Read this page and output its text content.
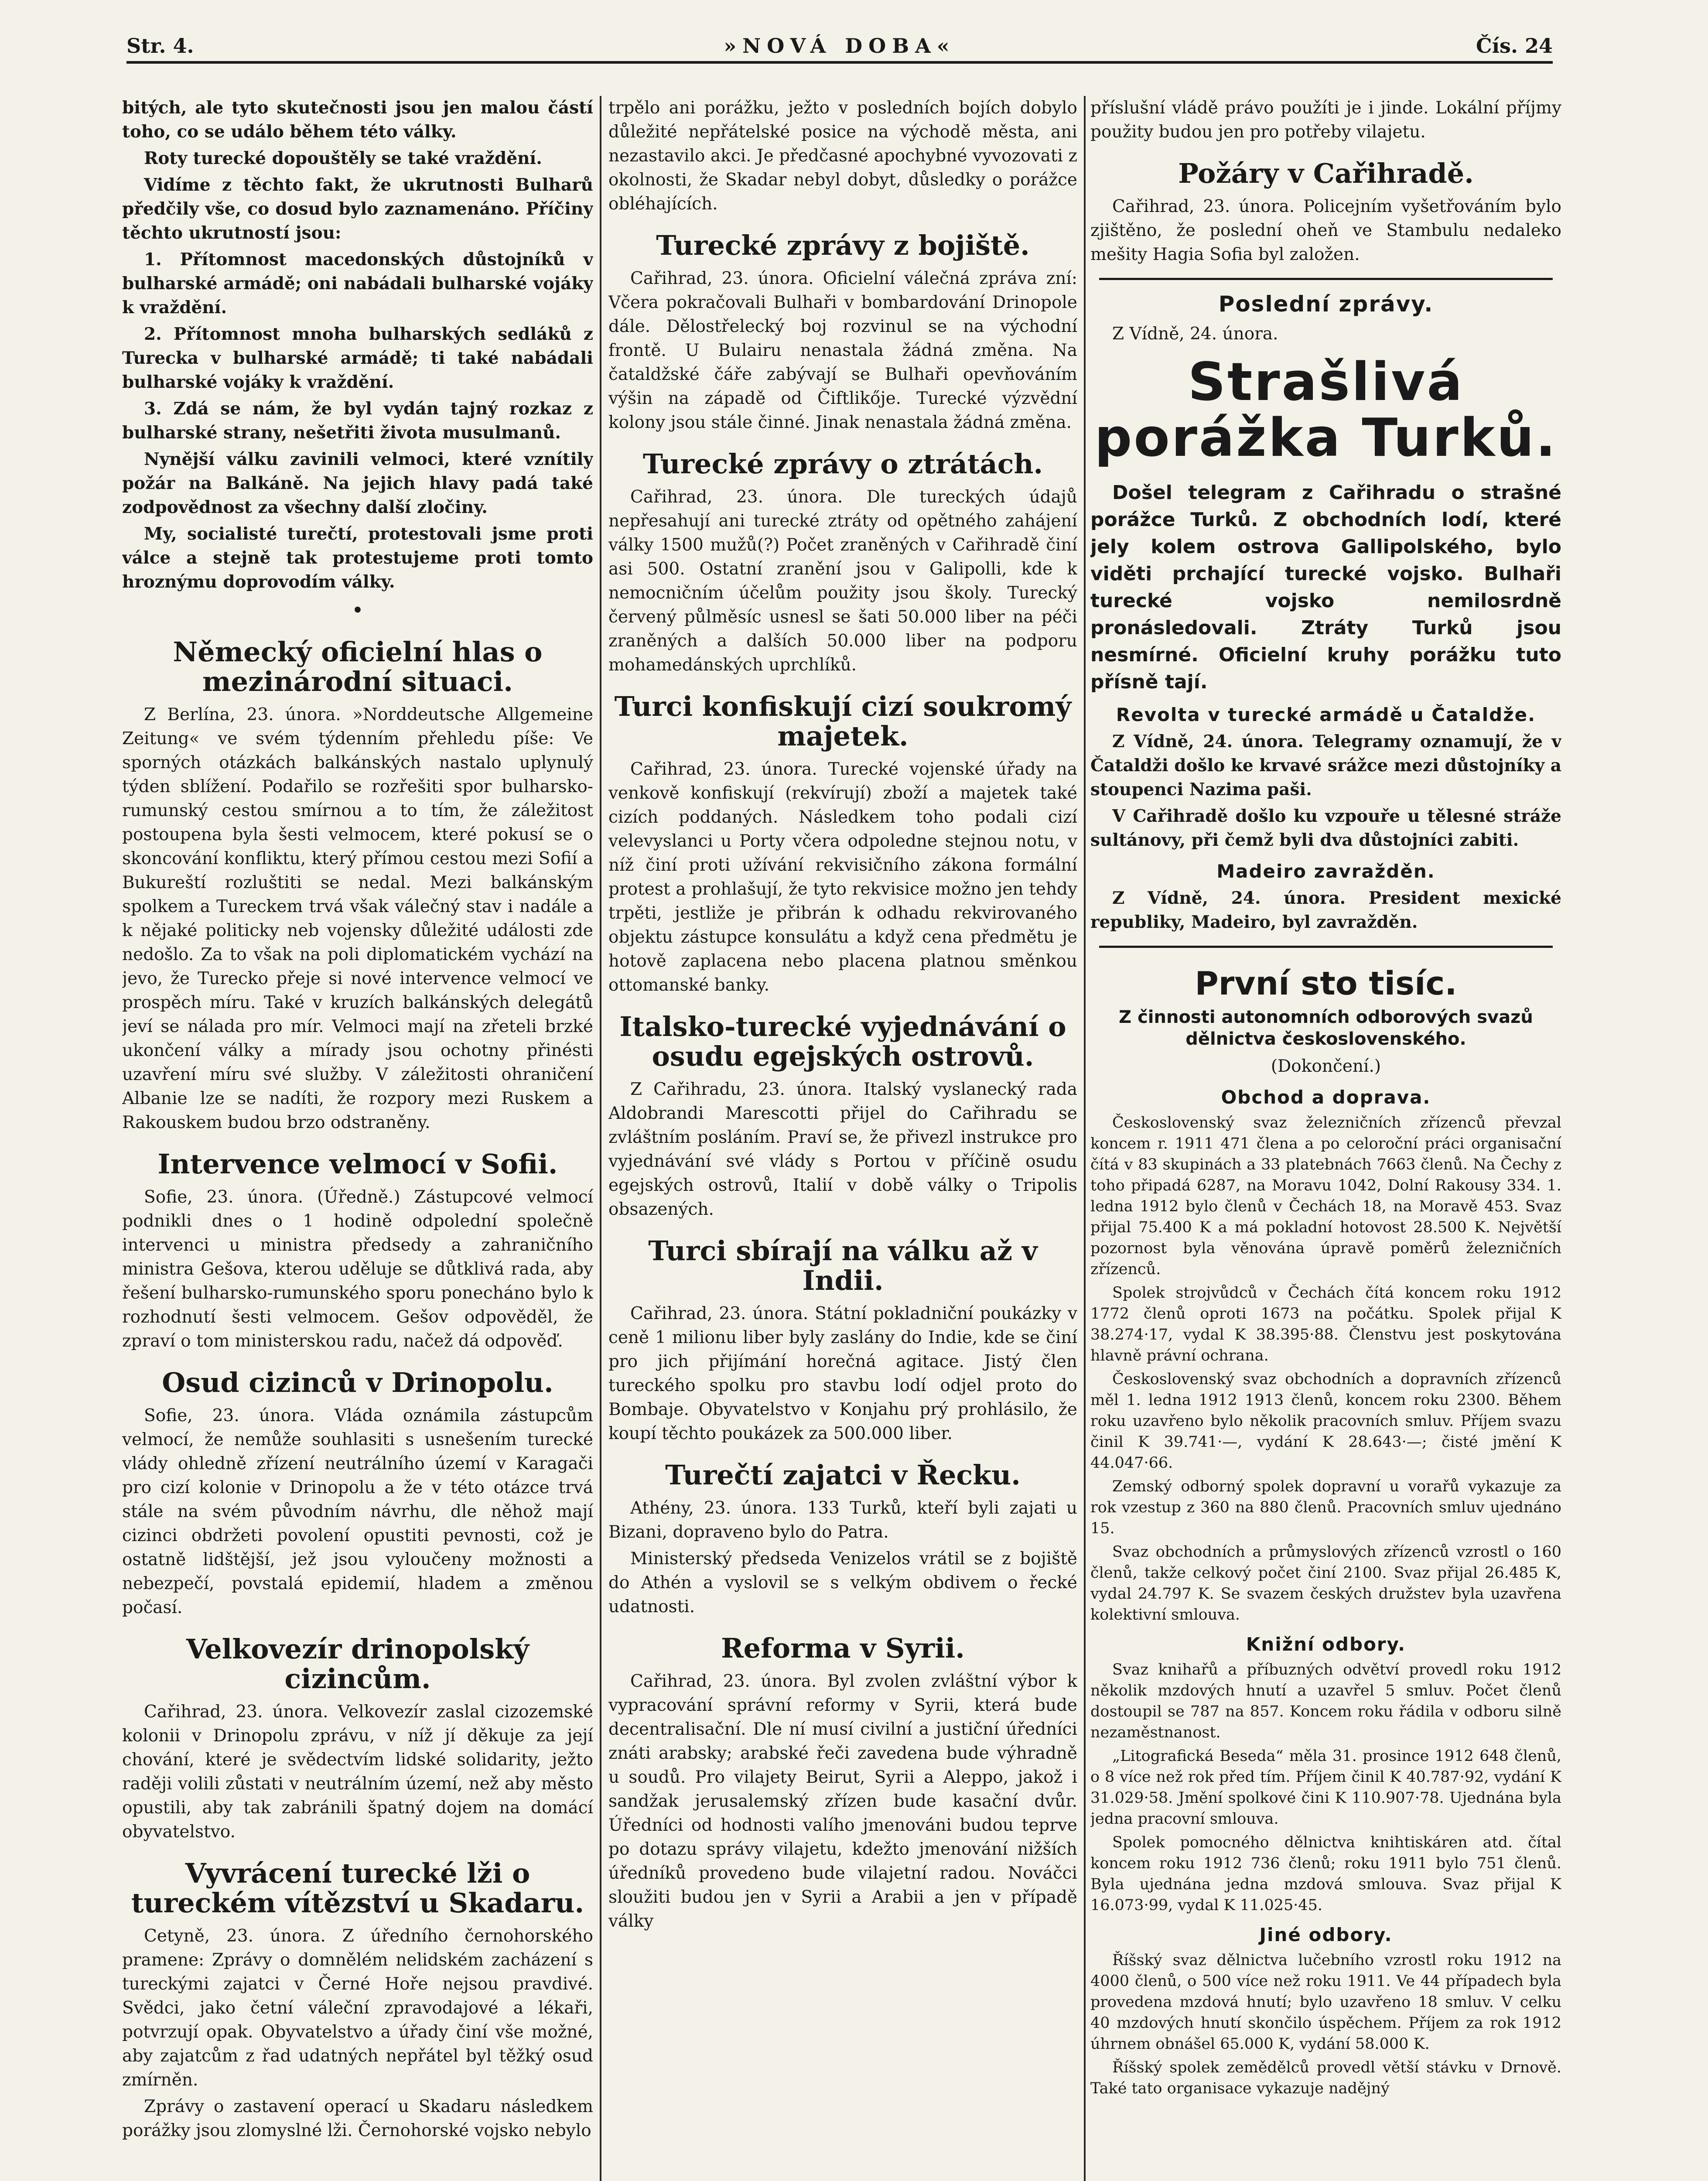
Str. 4.	»NOVÁ DOBA«	Čís. 24

bitých, ale tyto skutečnosti jsou jen malou částí toho, co se událo během této války.

Roty turecké dopouštěly se také vraždění.

Vidíme z těchto fakt, že ukrutnosti Bulharů předčily vše, co dosud bylo zaznamenáno. Příčiny těchto ukrutností jsou:

1. Přítomnost macedonských důstojníků v bulharské armádě; oni nabádali bulharské vojáky k vraždění.

2. Přítomnost mnoha bulharských sedláků z Turecka v bulharské armádě; ti také nabádali bulharské vojáky k vraždění.

3. Zdá se nám, že byl vydán tajný rozkaz z bulharské strany, nešetřiti života musulmanů.

Nynější válku zavinili velmoci, které vznítily požár na Balkáně. Na jejich hlavy padá také zodpovědnost za všechny další zločiny.

My, socialisté turečtí, protestovali jsme proti válce a stejně tak protestujeme proti tomto hroznýmu doprovodím války.

•
Německý oficielní hlas o mezinárodní situaci.

Z Berlína, 23. února. »Norddeutsche Allgemeine Zeitung« ve svém týdenním přehledu píše: Ve sporných otázkách balkánských nastalo uplynulý týden sblížení. Podařilo se rozřešiti spor bulharsko-rumunský cestou smírnou a to tím, že záležitost postoupena byla šesti velmocem, které pokusí se o skoncování konfliktu, který přímou cestou mezi Sofií a Bukureští rozluštiti se nedal. Mezi balkánským spolkem a Tureckem trvá však válečný stav i nadále a k nějaké politicky neb vojensky důležité události zde nedošlo. Za to však na poli diplomatickém vychází na jevo, že Turecko přeje si nové intervence velmocí ve prospěch míru. Také v kruzích balkánských delegátů jeví se nálada pro mír. Velmoci mají na zřeteli brzké ukončení války a mírady jsou ochotny přinésti uzavření míru své služby. V záležitosti ohraničení Albanie lze se nadíti, že rozpory mezi Ruskem a Rakouskem budou brzo odstraněny.

Intervence velmocí v Sofii.

Sofie, 23. února. (Úředně.) Zástupcové velmocí podnikli dnes o 1 hodině odpolední společně intervenci u ministra předsedy a zahraničního ministra Gešova, kterou uděluje se důtklivá rada, aby řešení bulharsko-rumunského sporu ponecháno bylo k rozhodnutí šesti velmocem. Gešov odpověděl, že zpraví o tom ministerskou radu, načež dá odpověď.

Osud cizinců v Drinopolu.

Sofie, 23. února. Vláda oznámila zástupcům velmocí, že nemůže souhlasiti s usnešením turecké vlády ohledně zřízení neutrálního území v Karagači pro cizí kolonie v Drinopolu a že v této otázce trvá stále na svém původním návrhu, dle něhož mají cizinci obdržeti povolení opustiti pevnosti, což je ostatně lidštější, jež jsou vyloučeny možnosti a nebezpečí, povstalá epidemií, hladem a změnou počasí.

Velkovezír drinopolský cizincům.

Cařihrad, 23. února. Velkovezír zaslal cizozemské kolonii v Drinopolu zprávu, v níž jí děkuje za její chování, které je svědectvím lidské solidarity, ježto raději volili zůstati v neutrálním území, než aby město opustili, aby tak zabránili špatný dojem na domácí obyvatelstvo.

Vyvrácení turecké lži o tureckém vítězství u Skadaru.

Cetyně, 23. února. Z úředního černohorského pramene: Zprávy o domnělém nelidském zacházení s tureckými zajatci v Černé Hoře nejsou pravdivé. Svědci, jako četní váleční zpravodajové a lékaři, potvrzují opak. Obyvatelstvo a úřady činí vše možné, aby zajatcům z řad udatných nepřátel byl těžký osud zmírněn.

Zprávy o zastavení operací u Skadaru následkem porážky jsou zlomyslné lži. Černohorské vojsko nebylo

trpělo ani porážku, ježto v posledních bojích dobylo důležité nepřátelské posice na východě města, ani nezastavilo akci. Je předčasné apochybné vyvozovati z okolnosti, že Skadar nebyl dobyt, důsledky o porážce obléhajících.

Turecké zprávy z bojiště.

Cařihrad, 23. února. Oficielní válečná zpráva zní: Včera pokračovali Bulhaři v bombardování Drinopole dále. Dělostřelecký boj rozvinul se na východní frontě. U Bulairu nenastala žádná změna. Na čataldžské čáře zabývají se Bulhaři opevňováním výšin na západě od Čiftlikője. Turecké výzvědní kolony jsou stále činné. Jinak nenastala žádná změna.

Turecké zprávy o ztrátách.

Cařihrad, 23. února. Dle tureckých údajů nepřesahují ani turecké ztráty od opětného zahájení války 1500 mužů(?) Počet zraněných v Cařihradě činí asi 500. Ostatní zranění jsou v Galipolli, kde k nemocničním účelům použity jsou školy. Turecký červený půlměsíc usnesl se šati 50.000 liber na péči zraněných a dalších 50.000 liber na podporu mohamedánských uprchlíků.

Turci konfiskují cizí soukromý majetek.

Cařihrad, 23. února. Turecké vojenské úřady na venkově konfiskují (rekvírují) zboží a majetek také cizích poddaných. Následkem toho podali cizí velevyslanci u Porty včera odpoledne stejnou notu, v níž činí proti užívání rekvisičního zákona formální protest a prohlašují, že tyto rekvisice možno jen tehdy trpěti, jestliže je přibrán k odhadu rekvirovaného objektu zástupce konsulátu a když cena předmětu je hotově zaplacena nebo placena platnou směnkou ottomanské banky.

Italsko-turecké vyjednávání o osudu egejských ostrovů.

Z Cařihradu, 23. února. Italský vyslanecký rada Aldobrandi Marescotti přijel do Cařihradu se zvláštním posláním. Praví se, že přivezl instrukce pro vyjednávání své vlády s Portou v příčině osudu egejských ostrovů, Italií v době války o Tripolis obsazených.

Turci sbírají na válku až v Indii.

Cařihrad, 23. února. Státní pokladniční poukázky v ceně 1 milionu liber byly zaslány do Indie, kde se činí pro jich přijímání horečná agitace. Jistý člen tureckého spolku pro stavbu lodí odjel proto do Bombaje. Obyvatelstvo v Konjahu prý prohlásilo, že koupí těchto poukázek za 500.000 liber.

Turečtí zajatci v Řecku.

Athény, 23. února. 133 Turků, kteří byli zajati u Bizani, dopraveno bylo do Patra.

Ministerský předseda Venizelos vrátil se z bojiště do Athén a vyslovil se s velkým obdivem o řecké udatnosti.

Reforma v Syrii.

Cařihrad, 23. února. Byl zvolen zvláštní výbor k vypracování správní reformy v Syrii, která bude decentralisační. Dle ní musí civilní a justiční úředníci znáti arabsky; arabské řeči zavedena bude výhradně u soudů. Pro vilajety Beirut, Syrii a Aleppo, jakož i sandžak jerusalemský zřízen bude kasační dvůr. Úředníci od hodnosti valího jmenováni budou teprve po dotazu správy vilajetu, kdežto jmenování nižších úředníků provedeno bude vilajetní radou. Nováčci sloužiti budou jen v Syrii a Arabii a jen v případě války

příslušní vládě právo použíti je i jinde. Lokální příjmy použity budou jen pro potřeby vilajetu.

Požáry v Cařihradě.

Cařihrad, 23. února. Policejním vyšetřováním bylo zjištěno, že poslední oheň ve Stambulu nedaleko mešity Hagia Sofia byl založen.

Poslední zprávy.

Z Vídně, 24. února.

Strašlivá porážka Turků.

Došel telegram z Cařihradu o strašné porážce Turků. Z obchodních lodí, které jely kolem ostrova Gallipolského, bylo viděti prchající turecké vojsko. Bulhaři turecké vojsko nemilosrdně pronásledovali. Ztráty Turků jsou nesmírné. Oficielní kruhy porážku tuto přísně tají.

Revolta v turecké armádě u Čataldže.

Z Vídně, 24. února. Telegramy oznamují, že v Čataldži došlo ke krvavé srážce mezi důstojníky a stoupenci Nazima paši.

V Cařihradě došlo ku vzpouře u tělesné stráže sultánovy, při čemž byli dva důstojníci zabiti.

Madeiro zavražděn.

Z Vídně, 24. února. President mexické republiky, Madeiro, byl zavražděn.

První sto tisíc.
Z činnosti autonomních odborových svazů dělnictva československého.
(Dokončení.)
Obchod a doprava.

Československý svaz železničních zřízenců převzal koncem r. 1911 471 člena a po celoroční práci organisační čítá v 83 skupinách a 33 platebnách 7663 členů. Na Čechy z toho připadá 6287, na Moravu 1042, Dolní Rakousy 334. 1. ledna 1912 bylo členů v Čechách 18, na Moravě 453. Svaz přijal 75.400 K a má pokladní hotovost 28.500 K. Největší pozornost byla věnována úpravě poměrů železničních zřízenců.

Spolek strojvůdců v Čechách čítá koncem roku 1912 1772 členů oproti 1673 na počátku. Spolek přijal K 38.274·17, vydal K 38.395·88. Členstvu jest poskytována hlavně právní ochrana.

Československý svaz obchodních a dopravních zřízenců měl 1. ledna 1912 1913 členů, koncem roku 2300. Během roku uzavřeno bylo několik pracovních smluv. Příjem svazu činil K 39.741·—, vydání K 28.643·—; čisté jmění K 44.047·66.

Zemský odborný spolek dopravní u vorařů vykazuje za rok vzestup z 360 na 880 členů. Pracovních smluv ujednáno 15.

Svaz obchodních a průmyslových zřízenců vzrostl o 160 členů, takže celkový počet činí 2100. Svaz přijal 26.485 K, vydal 24.797 K. Se svazem českých družstev byla uzavřena kolektivní smlouva.

Knižní odbory.

Svaz knihařů a příbuzných odvětví provedl roku 1912 několik mzdových hnutí a uzavřel 5 smluv. Počet členů dostoupil se 787 na 857. Koncem roku řádila v odboru silně nezaměstnanost.

„Litografická Beseda“ měla 31. prosince 1912 648 členů, o 8 více než rok před tím. Příjem činil K 40.787·92, vydání K 31.029·58. Jmění spolkové čini K 110.907·78. Ujednána byla jedna pracovní smlouva.

Spolek pomocného dělnictva knihtiskáren atd. čítal koncem roku 1912 736 členů; roku 1911 bylo 751 členů. Byla ujednána jedna mzdová smlouva. Svaz přijal K 16.073·99, vydal K 11.025·45.

Jiné odbory.

Říšský svaz dělnictva lučebního vzrostl roku 1912 na 4000 členů, o 500 více než roku 1911. Ve 44 případech byla provedena mzdová hnutí; bylo uzavřeno 18 smluv. V celku 40 mzdových hnutí skončilo úspěchem. Příjem za rok 1912 úhrnem obnášel 65.000 K, vydání 58.000 K.

Říšský spolek zemědělců provedl větší stávku v Drnově. Také tato organisace vykazuje nadějný
